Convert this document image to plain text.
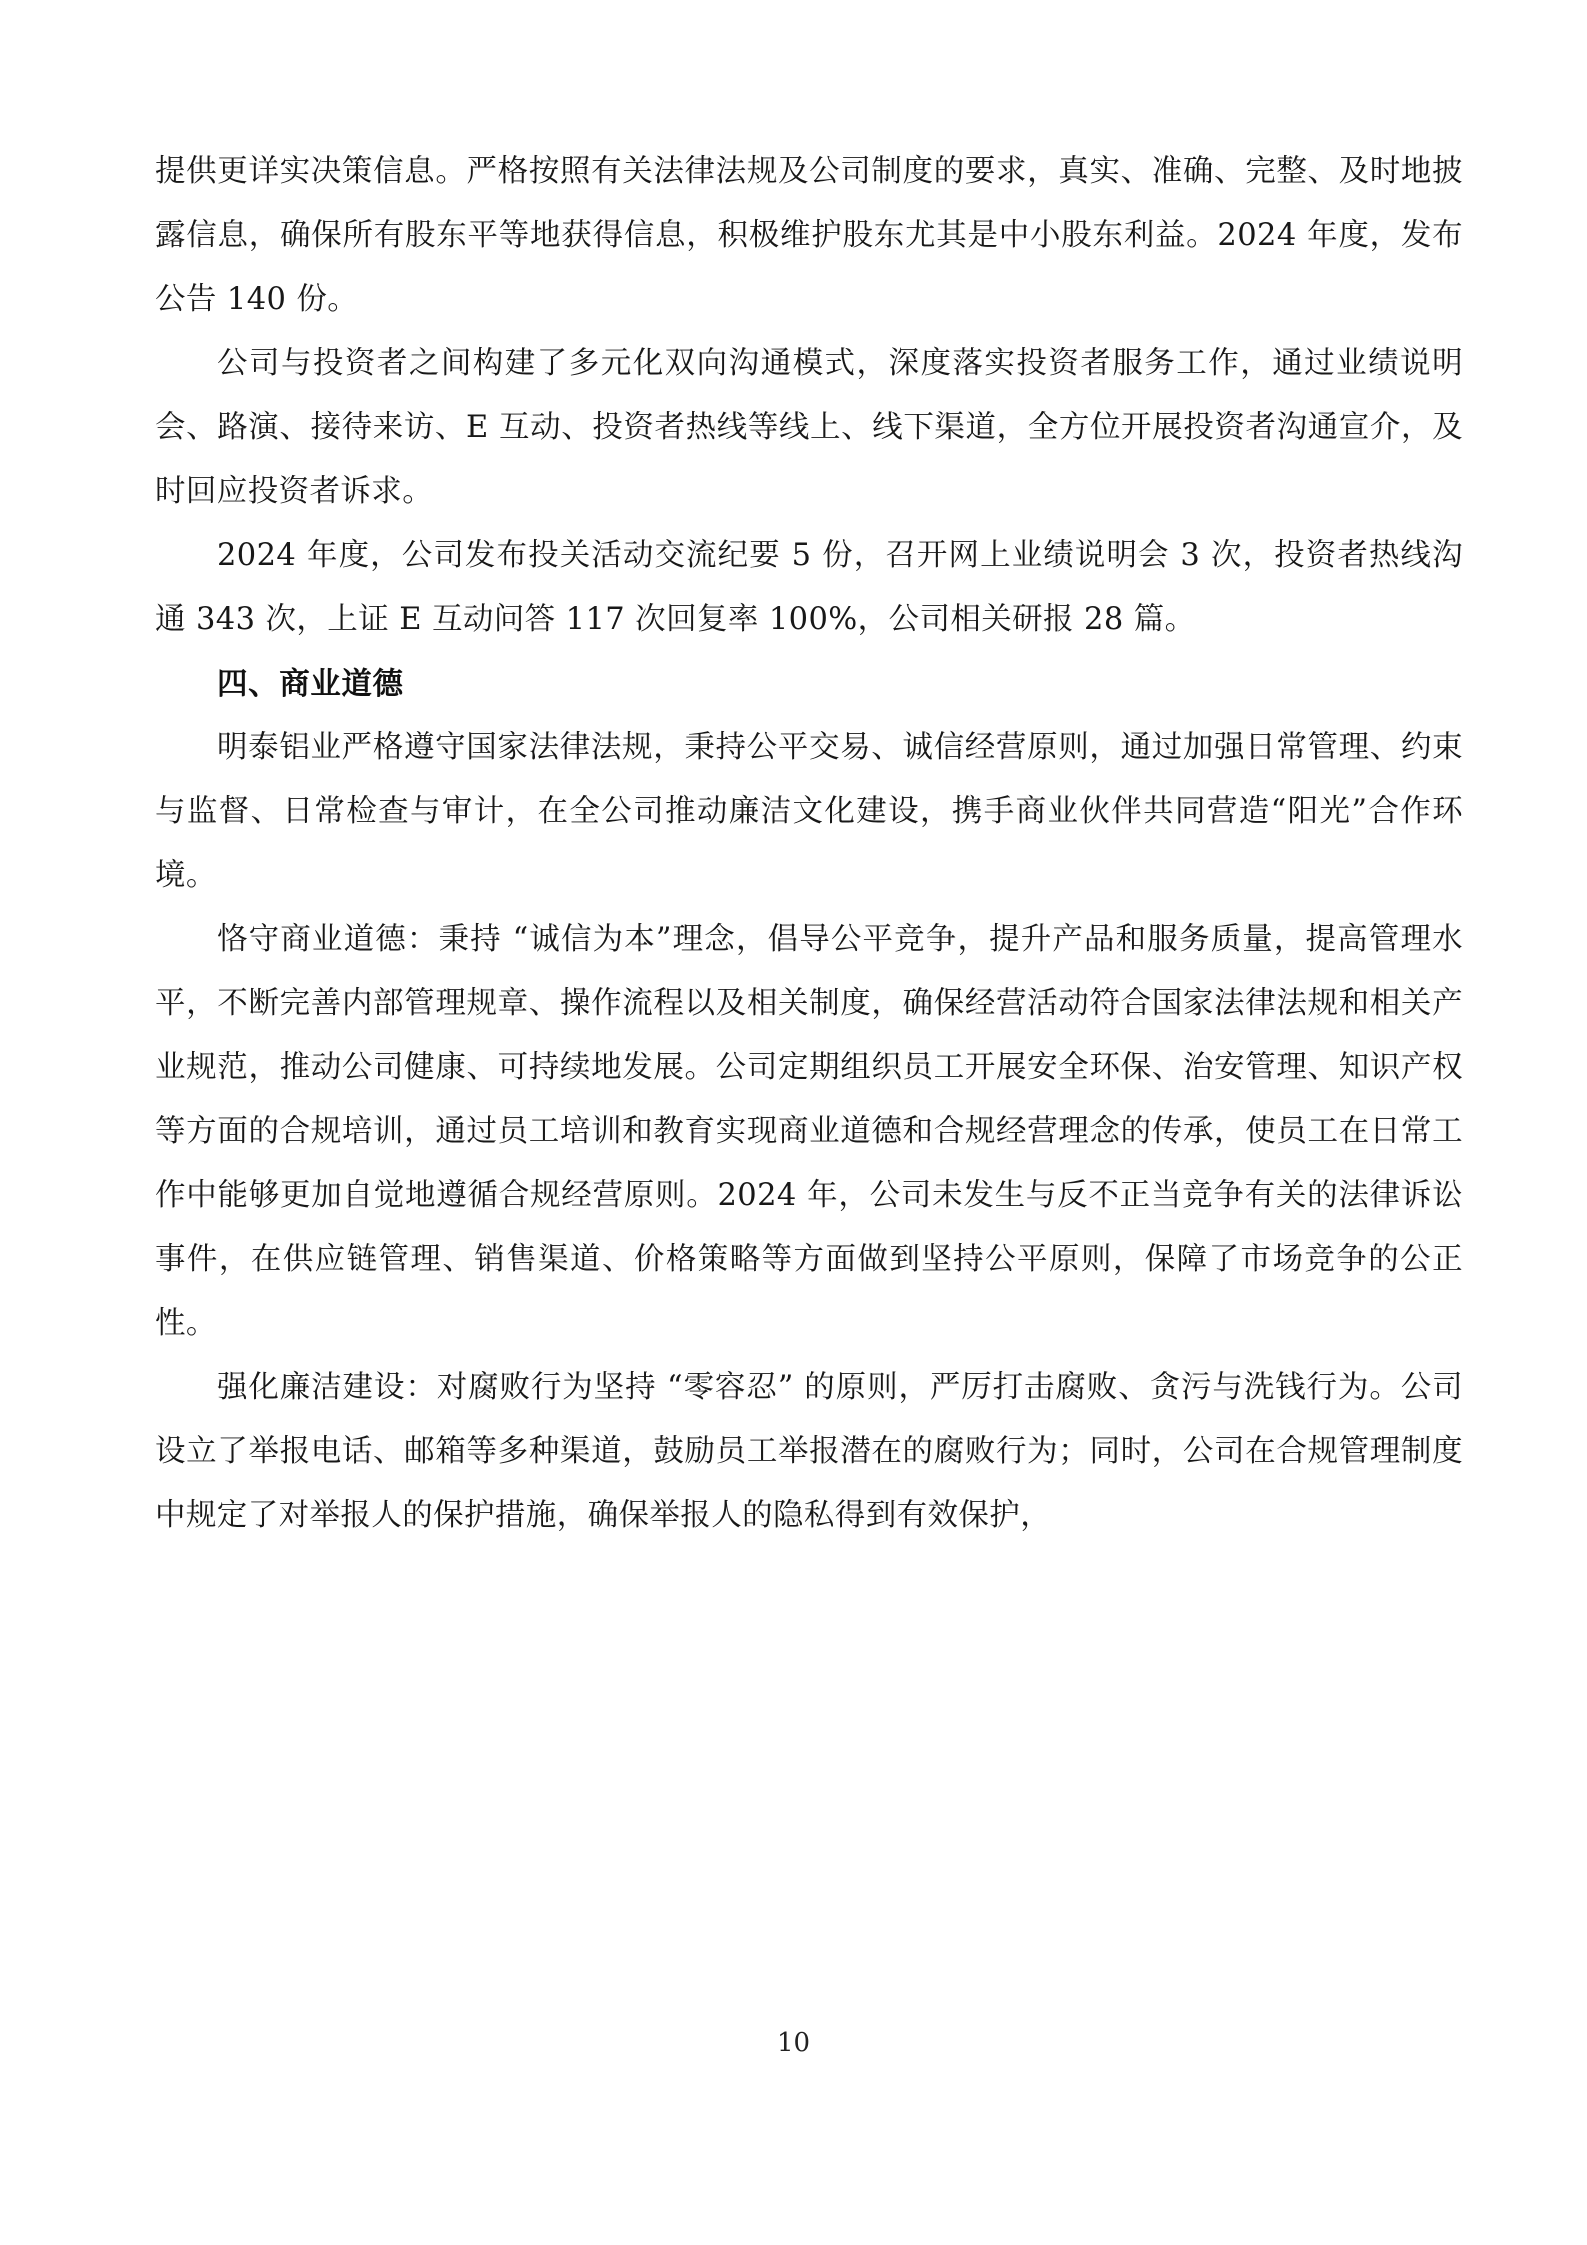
提供更详实决策信息。严格按照有关法律法规及公司制度的要求，真实、准确、完整、及时地披露信息，确保所有股东平等地获得信息，积极维护股东尤其是中小股东利益。2024 年度，发布公告 140 份。

公司与投资者之间构建了多元化双向沟通模式，深度落实投资者服务工作，通过业绩说明会、路演、接待来访、E 互动、投资者热线等线上、线下渠道，全方位开展投资者沟通宣介，及时回应投资者诉求。

2024 年度，公司发布投关活动交流纪要 5 份，召开网上业绩说明会 3 次，投资者热线沟通 343 次，上证 E 互动问答 117 次回复率 100%，公司相关研报 28 篇。

四、商业道德

明泰铝业严格遵守国家法律法规，秉持公平交易、诚信经营原则，通过加强日常管理、约束与监督、日常检查与审计，在全公司推动廉洁文化建设，携手商业伙伴共同营造“阳光”合作环境。

恪守商业道德：秉持 “诚信为本”理念，倡导公平竞争，提升产品和服务质量，提高管理水平，不断完善内部管理规章、操作流程以及相关制度，确保经营活动符合国家法律法规和相关产业规范，推动公司健康、可持续地发展。公司定期组织员工开展安全环保、治安管理、知识产权等方面的合规培训，通过员工培训和教育实现商业道德和合规经营理念的传承，使员工在日常工作中能够更加自觉地遵循合规经营原则。2024 年，公司未发生与反不正当竞争有关的法律诉讼事件，在供应链管理、销售渠道、价格策略等方面做到坚持公平原则，保障了市场竞争的公正性。

强化廉洁建设：对腐败行为坚持 “零容忍” 的原则，严厉打击腐败、贪污与洗钱行为。公司设立了举报电话、邮箱等多种渠道，鼓励员工举报潜在的腐败行为；同时，公司在合规管理制度中规定了对举报人的保护措施，确保举报人的隐私得到有效保护，

10
